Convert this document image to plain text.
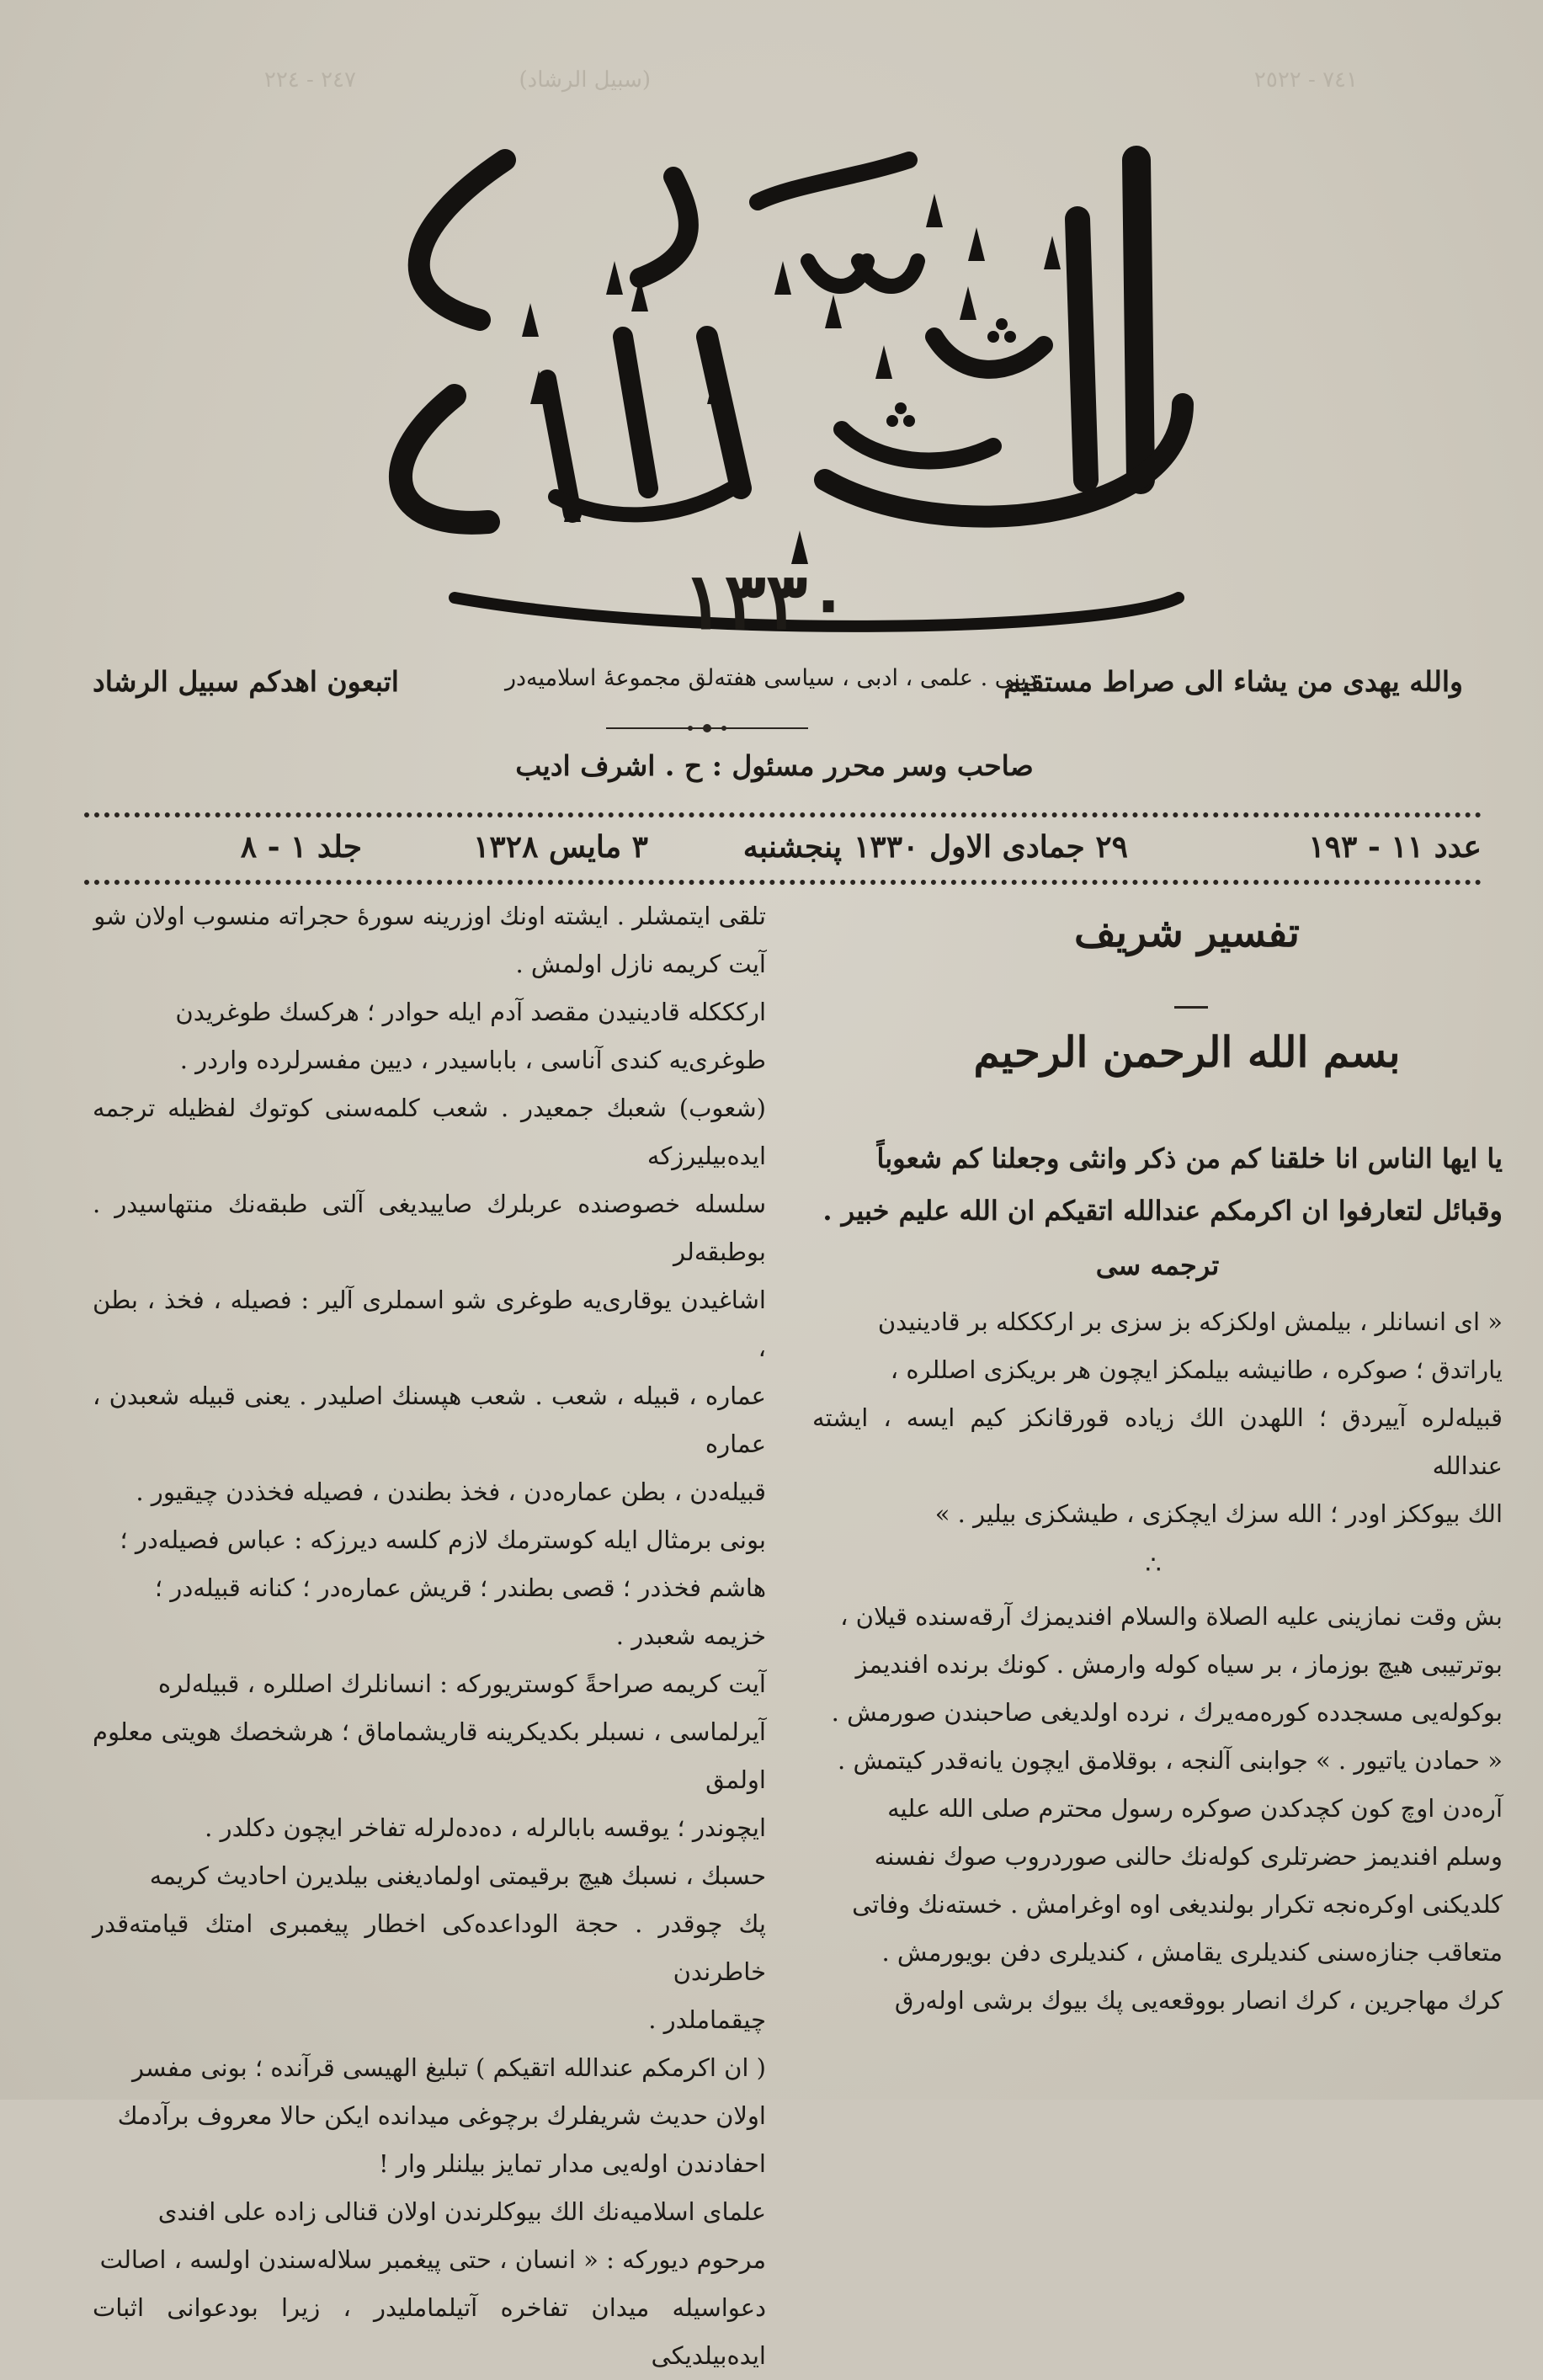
٧٤١ - ٢٥٢٢
(سبيل الرشاد)
٢٤٧ - ٢٢٤
١٣٣٠
والله يهدى من يشاء الى صراط مستقيم
دينى . علمى ، ادبى ، سياسى هفته‌لق مجموعهٔ اسلاميه‌در
اتبعون اهدكم سبيل الرشاد
صاحب وسر محرر مسئول : ح . اشرف ادیب
عدد ١١ - ١٩٣
٢٩ جمادى الاول ١٣٣٠
پنجشنبه
٣ مايس ١٣٢٨
جلد ١ - ٨
تفسير شريف
بسم الله الرحمن الرحيم

يا ايها الناس انا خلقنا كم من ذكر وانثى وجعلنا كم شعوباً

وقبائل لتعارفوا ان اكرمكم عندالله اتقيكم ان الله عليم خبير .

ترجمه سى

« اى انسانلر ، بيلمش اولكزكه بز سزى بر اركككله بر قادينيدن

ياراتدق ؛ صوكره ، طانيشه بيلمكز ايچون هر بريكزى اصللره ،

قبيله‌لره آييردق ؛ اللهدن الك زياده قورقانكز كيم ايسه ، ايشته عندالله

الك بيوككز اودر ؛ الله سزك ايچكزى ، طيشكزى بيلير . »

∴

بش وقت نمازينى عليه الصلاة والسلام افنديمزك آرقه‌سنده قيلان ،

بوترتيبى هيچ بوزماز ، بر سياه كوله وارمش . كونك برنده افنديمز

بوكوله‌يى مسجدده كوره‌مه‌يرك ، نرده اولديغى صاحبندن صورمش .

« حمادن ياتيور . » جوابنى آلنجه ، بوقلامق ايچون يانه‌قدر كيتمش .

آرەدن اوچ كون كچدكدن صوكره رسول محترم صلى الله عليه

وسلم افنديمز حضرتلرى كوله‌نك حالنى صوردروب صوك نفسنه

كلديكنى اوكره‌نجه تكرار بولنديغى اوه اوغرامش . خسته‌نك وفاتى

متعاقب جنازه‌سنى كنديلرى يقامش ، كنديلرى دفن بويورمش .

كرك مهاجرين ، كرك انصار بووقعه‌يى پك بيوك برشى اوله‌رق

تلقى ايتمشلر . ايشته اونك اوزرينه سورهٔ حجراته منسوب اولان شو

آيت كريمه نازل اولمش .

اركككله قادينيدن مقصد آدم ايله حوادر ؛ هركسك طوغريدن

طوغرى‌يه كندى آناسى ، باباسيدر ، ديين مفسرلرده واردر .

(شعوب) شعبك جمعيدر . شعب كلمه‌سنى كوتوك لفظيله ترجمه ايده‌بيليرزكه

سلسله خصوصنده عربلرك صاييديغى آلتى طبقه‌نك منتهاسيدر . بوطبقه‌لر

اشاغيدن يوقارى‌يه طوغرى شو اسملرى آلير : فصيله ، فخذ ، بطن ،

عماره ، قبيله ، شعب . شعب هپسنك اصليدر . يعنى قبيله شعبدن ، عماره

قبيله‌دن ، بطن عماره‌دن ، فخذ بطندن ، فصيله فخذدن چيقيور .

بونى برمثال ايله كوسترمك لازم كلسه ديرزكه : عباس فصيله‌در ؛

هاشم فخذدر ؛ قصى بطندر ؛ قريش عماره‌در ؛ كنانه قبيله‌در ؛

خزيمه شعبدر .

آيت كريمه صراحةً كوستريوركه : انسانلرك اصللره ، قبيله‌لره

آيرلماسى ، نسبلر بكديكرينه قاريشماماق ؛ هرشخصك هويتى معلوم اولمق

ايچوندر ؛ يوقسه بابالرله ، ده‌دەلرله تفاخر ايچون دكلدر .

حسبك ، نسبك هيچ برقيمتى اولماديغنى بيلديرن احاديث كريمه

پك چوقدر . حجة الوداعده‌كى اخطار پيغمبرى امتك قيامته‌قدر خاطرندن

چيقماملدر .

( ان اكرمكم عندالله اتقيكم ) تبليغ الهيسى قرآنده ؛ بونى مفسر

اولان حديث شريفلرك برچوغى ميدانده ايكن حالا معروف برآدمك

احفادندن اوله‌يى مدار تمايز بيلنلر وار !

علماى اسلاميه‌نك الك بيوكلرندن اولان قنالى زاده على افندى

مرحوم ديوركه : « انسان ، حتى پيغمبر سلاله‌سندن اولسه ، اصالت

دعواسيله ميدان تفاخره آتيلماملیدر ، زيرا بودعوانى اثبات ايده‌بيلديكى
